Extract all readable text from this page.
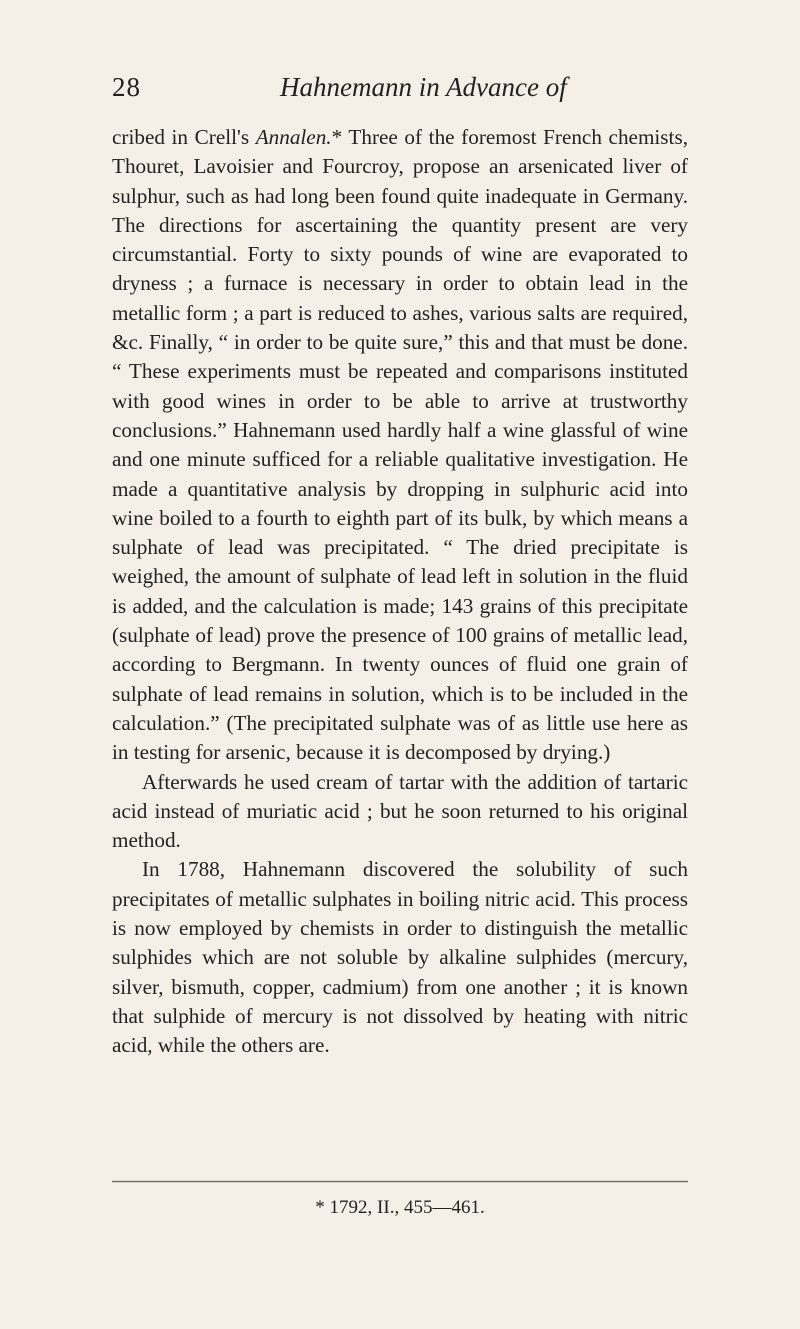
28	Hahnemann in Advance of

cribed in Crell's Annalen.* Three of the foremost French chemists, Thouret, Lavoisier and Fourcroy, propose an arsenicated liver of sulphur, such as had long been found quite inadequate in Germany. The directions for ascertaining the quantity present are very circumstantial. Forty to sixty pounds of wine are evaporated to dryness ; a furnace is necessary in order to obtain lead in the metallic form ; a part is reduced to ashes, various salts are required, &c. Finally, “ in order to be quite sure,” this and that must be done. “ These experiments must be repeated and comparisons instituted with good wines in order to be able to arrive at trustworthy conclusions.” Hahnemann used hardly half a wine glassful of wine and one minute sufficed for a reliable qualitative investigation. He made a quantitative analysis by dropping in sulphuric acid into wine boiled to a fourth to eighth part of its bulk, by which means a sulphate of lead was precipitated. “ The dried precipitate is weighed, the amount of sulphate of lead left in solution in the fluid is added, and the calculation is made; 143 grains of this precipitate (sulphate of lead) prove the presence of 100 grains of metallic lead, according to Bergmann. In twenty ounces of fluid one grain of sulphate of lead remains in solution, which is to be included in the calculation.” (The precipitated sulphate was of as little use here as in testing for arsenic, because it is decomposed by drying.)

Afterwards he used cream of tartar with the addition of tartaric acid instead of muriatic acid ; but he soon returned to his original method.

In 1788, Hahnemann discovered the solubility of such precipitates of metallic sulphates in boiling nitric acid. This process is now employed by chemists in order to distinguish the metallic sulphides which are not soluble by alkaline sulphides (mercury, silver, bismuth, copper, cadmium) from one another ; it is known that sulphide of mercury is not dissolved by heating with nitric acid, while the others are.

* 1792, II., 455—461.
